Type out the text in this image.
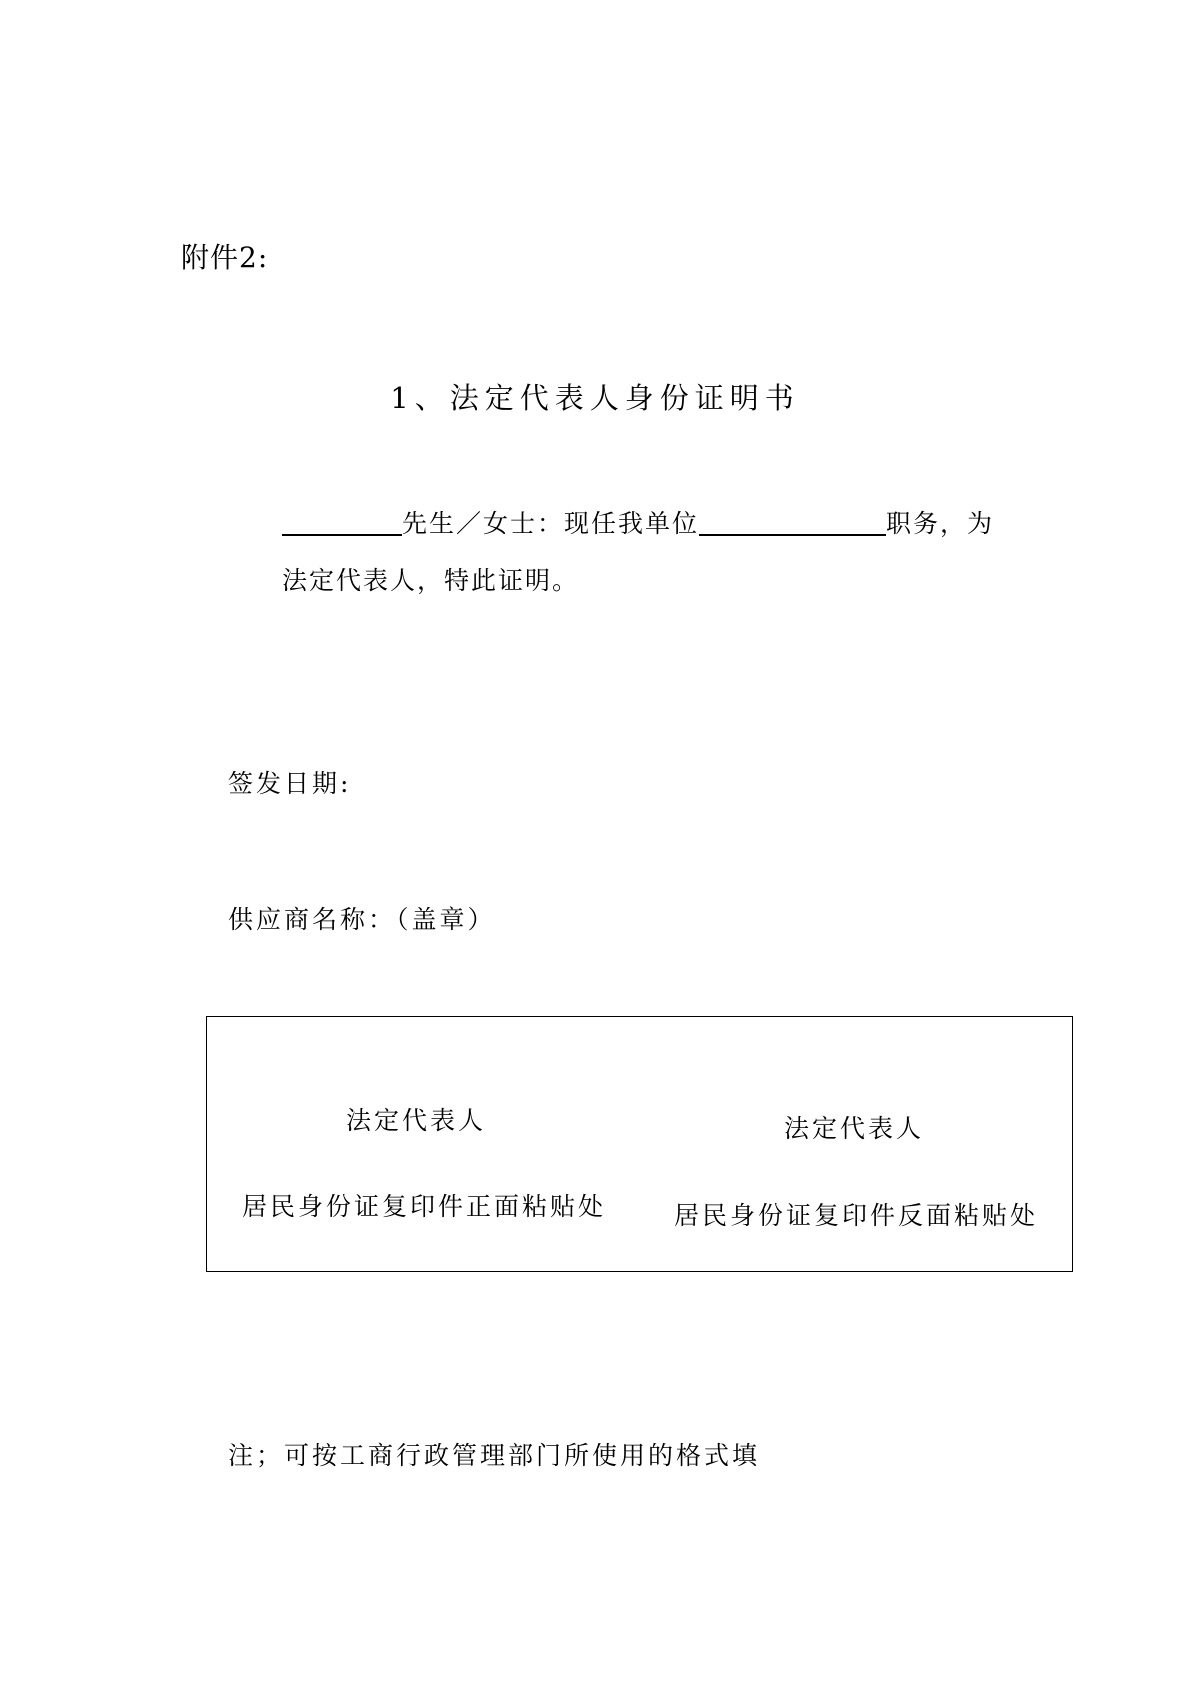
附件2:
1、法定代表人身份证明书
先生／女士：现任我单位	职务，为
法定代表人，特此证明。
签发日期:
供应商名称：（盖章）
法定代表人
居民身份证复印件正面粘贴处
法定代表人
居民身份证复印件反面粘贴处
注；可按工商行政管理部门所使用的格式填
